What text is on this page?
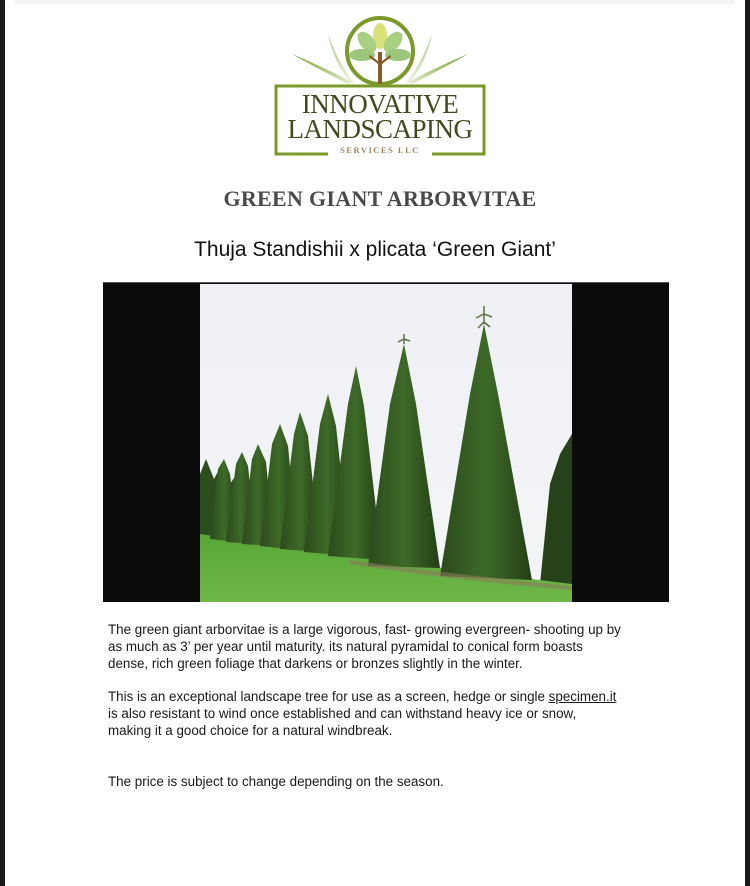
INNOVATIVE
LANDSCAPING
SERVICES LLC
GREEN GIANT ARBORVITAE
Thuja Standishii x plicata ‘Green Giant’
The green giant arborvitae is a large vigorous, fast- growing evergreen- shooting up by
as much as 3’ per year until maturity. its natural pyramidal to conical form boasts
dense, rich green foliage that darkens or bronzes slightly in the winter.
This is an exceptional landscape tree for use as a screen, hedge or single specimen.it
is also resistant to wind once established and can withstand heavy ice or snow,
making it a good choice for a natural windbreak.
The price is subject to change depending on the season.
